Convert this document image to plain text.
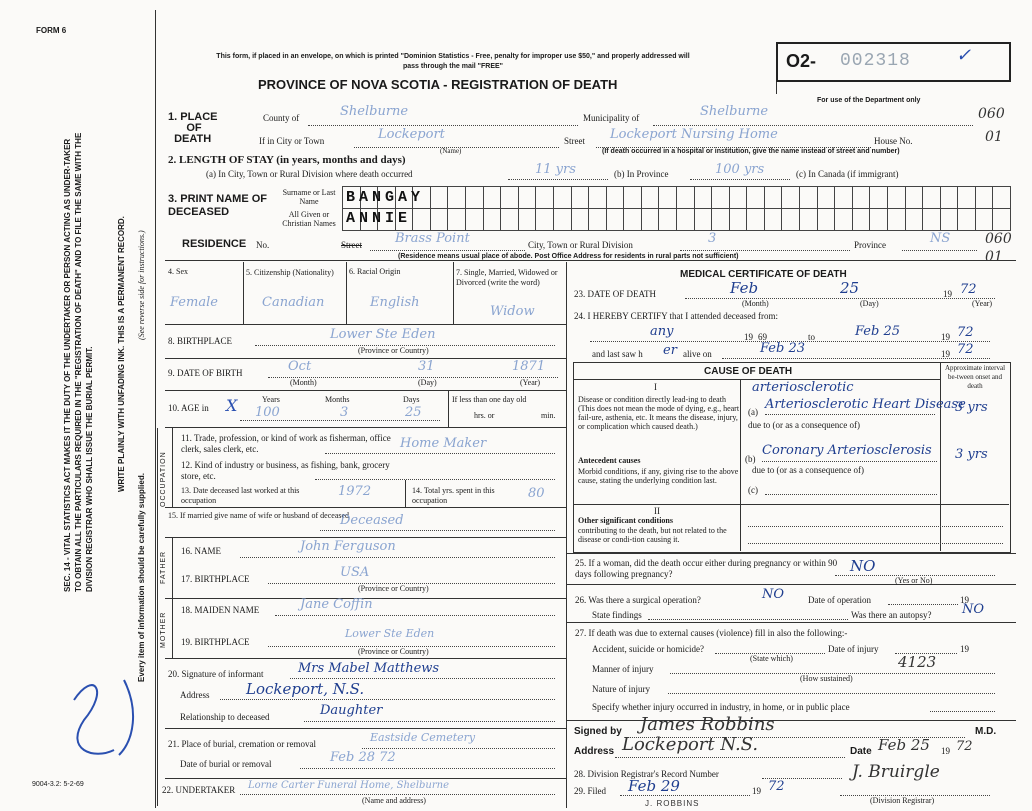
FORM 6
SEC. 14 - VITAL STATISTICS ACT MAKES IT THE DUTY OF THE UNDERTAKER OR PERSON ACTING AS UNDER-TAKER TO OBTAIN ALL THE PARTICULARS REQUIRED IN THE "REGISTRATION OF DEATH" AND TO FILE THE SAME WITH THE DIVISION REGISTRAR WHO SHALL ISSUE THE BURIAL PERMIT.	WRITE PLAINLY WITH UNFADING INK. THIS IS A PERMANENT RECORD. (See reverse side for instructions.)
Every item of information should be carefully supplied.
9004-3.2: 5-2-69
This form, if placed in an envelope, on which is printed "Dominion Statistics - Free, penalty for improper use $50," and properly addressed will pass through the mail "FREE"
PROVINCE OF NOVA SCOTIA - REGISTRATION OF DEATH
O2- 002318	✓
For use of the Department only
060
01
060
01
1. PLACE
OF
DEATH
County of	Shelburne	Municipality of	Shelburne
If in City or Town	Lockeport	Street Lockeport Nursing Home	House No.
(Name)	(If death occurred in a hospital or institution, give the name instead of street and number)
2. LENGTH OF STAY (in years, months and days)
(a) In City, Town or Rural Division where death occurred	11 yrs	(b) In Province	100 yrs	(c) In Canada (if immigrant)
3. PRINT NAME OF DECEASED
Surname or Last Name
All Given or Christian Names
BANGAY
ANNIE
RESIDENCE No.	Street	Brass Point	City, Town or Rural Division	3	Province	NS
(Residence means usual place of abode. Post Office Address for residents in rural parts not sufficient)
4. Sex
Female
5. Citizenship (Nationality)
Canadian
6. Racial Origin
English
7. Single, Married, Widowed or Divorced (write the word)
Widow
8. BIRTHPLACE	Lower Ste Eden
(Province or Country)
9. DATE OF BIRTH	Oct	31	1871
(Month)	(Day)	(Year)
10. AGE in X	Years	Months	Days
100	3	25
If less than one day old
hrs. or	min.
OCCUPATION
11. Trade, profession, or kind of work as fisherman, office clerk, sales clerk, etc.	Home Maker
12. Kind of industry or business, as fishing, bank, grocery store, etc.
13. Date deceased last worked at this occupation
1972	14. Total yrs. spent in this occupation	80
15. If married give name of wife or husband of deceased
Deceased
FATHER 16. NAME	John Ferguson
17. BIRTHPLACE	USA
(Province or Country)
MOTHER
18. MAIDEN NAME	Jane Coffin
19. BIRTHPLACE
Lower Ste Eden
(Province or Country)
20. Signature of informant	Mrs Mabel Matthews
Address Lockeport, N.S.
Relationship to deceased	Daughter
21. Place of burial, cremation or removal	Eastside Cemetery
Date of burial or removal	Feb 28 72
22. UNDERTAKER Lorne Carter Funeral Home, Shelburne
(Name and address)
MEDICAL CERTIFICATE OF DEATH
23. DATE OF DEATH	Feb	25	19 72
(Month)	(Day)	(Year)
24. I HEREBY CERTIFY that I attended deceased from:
any	19 69	to	Feb 25	19 72
and last saw h er alive on	Feb 23	19 72
CAUSE OF DEATH	Approximate interval be-tween onset and death
I
Disease or condition directly lead-ing to death (This does not mean the mode of dying, e.g., heart fail-ure, asthenia, etc. It means the disease, injury, or complication which caused death.)
Antecedent causes
Morbid conditions, if any, giving rise to the above cause, stating the underlying condition last.
arteriosclerotic
(a) Arteriosclerotic Heart Disease
3 yrs
due to (or as a consequence of)
(b)
Coronary Arteriosclerosis 3 yrs
due to (or as a consequence of)
(c)
II
Other significant conditions
contributing to the death, but not related to the disease or condi-tion causing it.
25. If a woman, did the death occur either during pregnancy or within 90 days following pregnancy?	NO
(Yes or No)
26. Was there a surgical operation?	NO	Date of operation	19
State findings	Was there an autopsy? NO
27. If death was due to external causes (violence) fill in also the following:-
Accident, suicide or homicide?
(State which)
Date of injury	19
Manner of injury	4123
(How sustained)
Nature of injury
Specify whether injury occurred in industry, in home, or in public place
Signed by James Robbins	M.D.
Address Lockeport N.S.	Date Feb 25 19 72
28. Division Registrar's Record Number
29. Filed Feb 29	19 72
J. Bruirgle
J. ROBBINS	(Division Registrar)
